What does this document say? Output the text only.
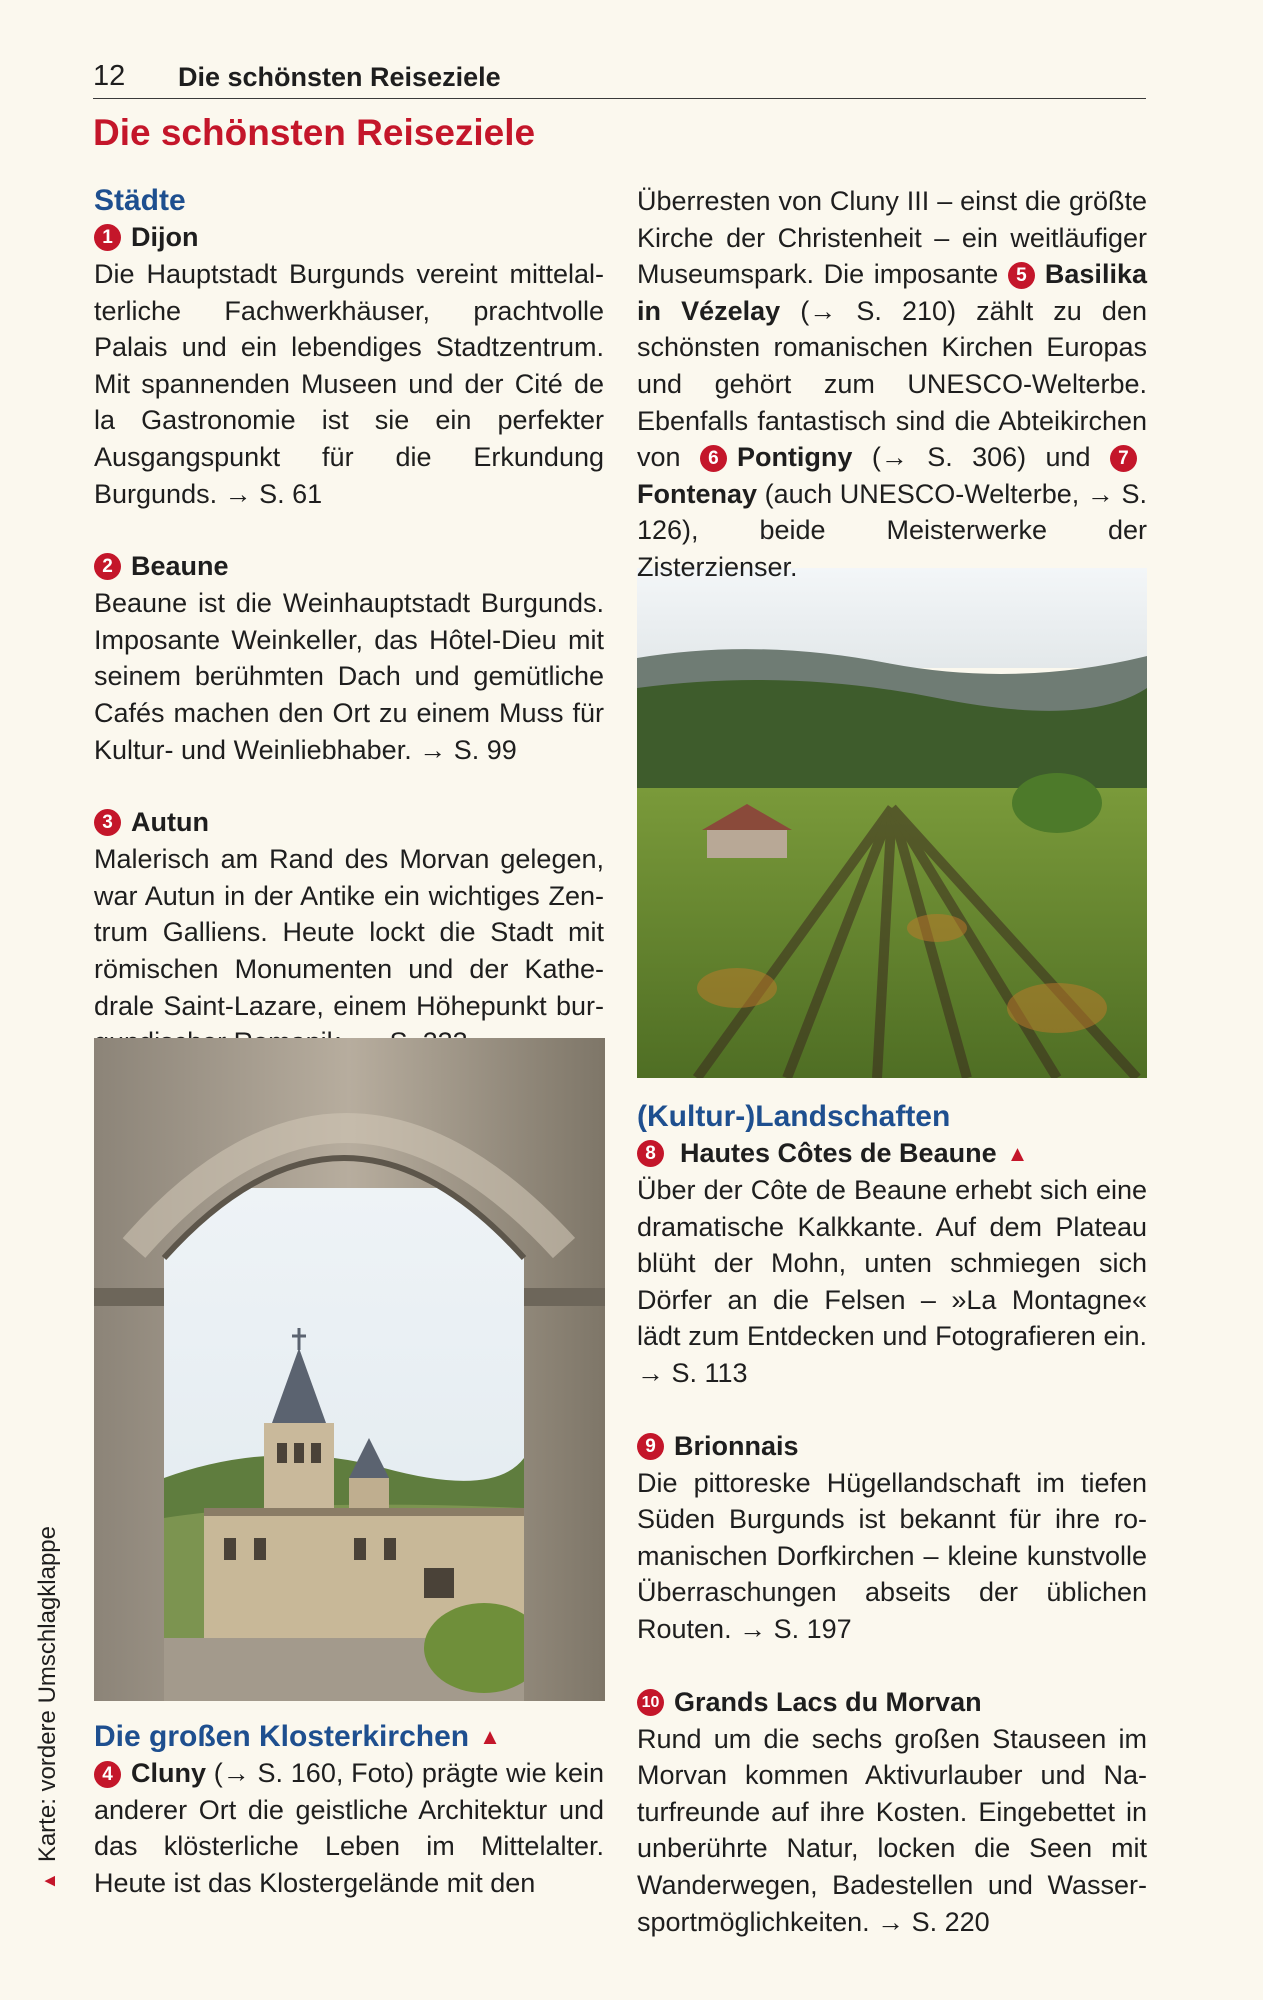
12 Die schönsten Reiseziele
Die schönsten Reiseziele
Städte
1 Dijon

Die Hauptstadt Burgunds vereint mittelalterliche Fachwerkhäuser, prachtvolle Palais und ein lebendiges Stadtzentrum. Mit spannenden Museen und der Cité de la Gastronomie ist sie ein perfekter Ausgangspunkt für die Erkundung Burgunds. → S. 61

2 Beaune

Beaune ist die Weinhauptstadt Burgunds. Imposante Weinkeller, das Hôtel-Dieu mit seinem berühmten Dach und gemütliche Cafés machen den Ort zu einem Muss für Kultur- und Weinliebhaber. → S. 99

3 Autun

Malerisch am Rand des Morvan gelegen, war Autun in der Antike ein wichtiges Zentrum Galliens. Heute lockt die Stadt mit römischen Monumenten und der Kathedrale Saint-Lazare, einem Höhepunkt bur

Die großen Klosterkirchen ▲

4 Cluny (→ S. 160, Foto) prägte wie kein anderer Ort die geistliche Architektur und das klösterliche Leben im Mittelalter. Heute ist das Klostergelände mit den

Überresten von Cluny III – einst die größte Kirche der Christenheit – ein weitläufiger Museumspark. Die imposante 5 Basilika in Vézelay (→ S. 210) zählt zu den schönsten romanischen Kirchen Europas und gehört zum UNESCO-Welterbe. Ebenfalls fantastisch sind die Abteikirchen von 6 Pontigny (→ S. 306) und 7Fontenay (auch UNESCO-Welterbe, → S. 126), beide Meisterwerke der Zisterzienser.

(Kultur-)Landschaften
8 Hautes Côtes de Beaune ▲

Über der Côte de Beaune erhebt sich eine dramatische Kalkkante. Auf dem Plateau blüht der Mohn, unten schmiegen sich Dörfer an die Felsen – »La Montagne« lädt zum Entdecken und Fotografieren ein. → S. 113

9 Brionnais

Die pittoreske Hügellandschaft im tiefen Süden Burgunds ist bekannt für ihre romanischen Dorfkirchen – kleine kunstvolle Überraschungen abseits der üblichen Routen. → S. 197

10 Grands Lacs du Morvan

Rund um die sechs großen Stauseen im Morvan kommen Aktivurlauber und Naturfreunde auf ihre Kosten. Eingebettet in unberührte Natur, locken die Seen mit Wanderwegen, Badestellen und Wassersportmöglichkeiten. → S. 220

▲Karte: vordere Umschlagklappe
